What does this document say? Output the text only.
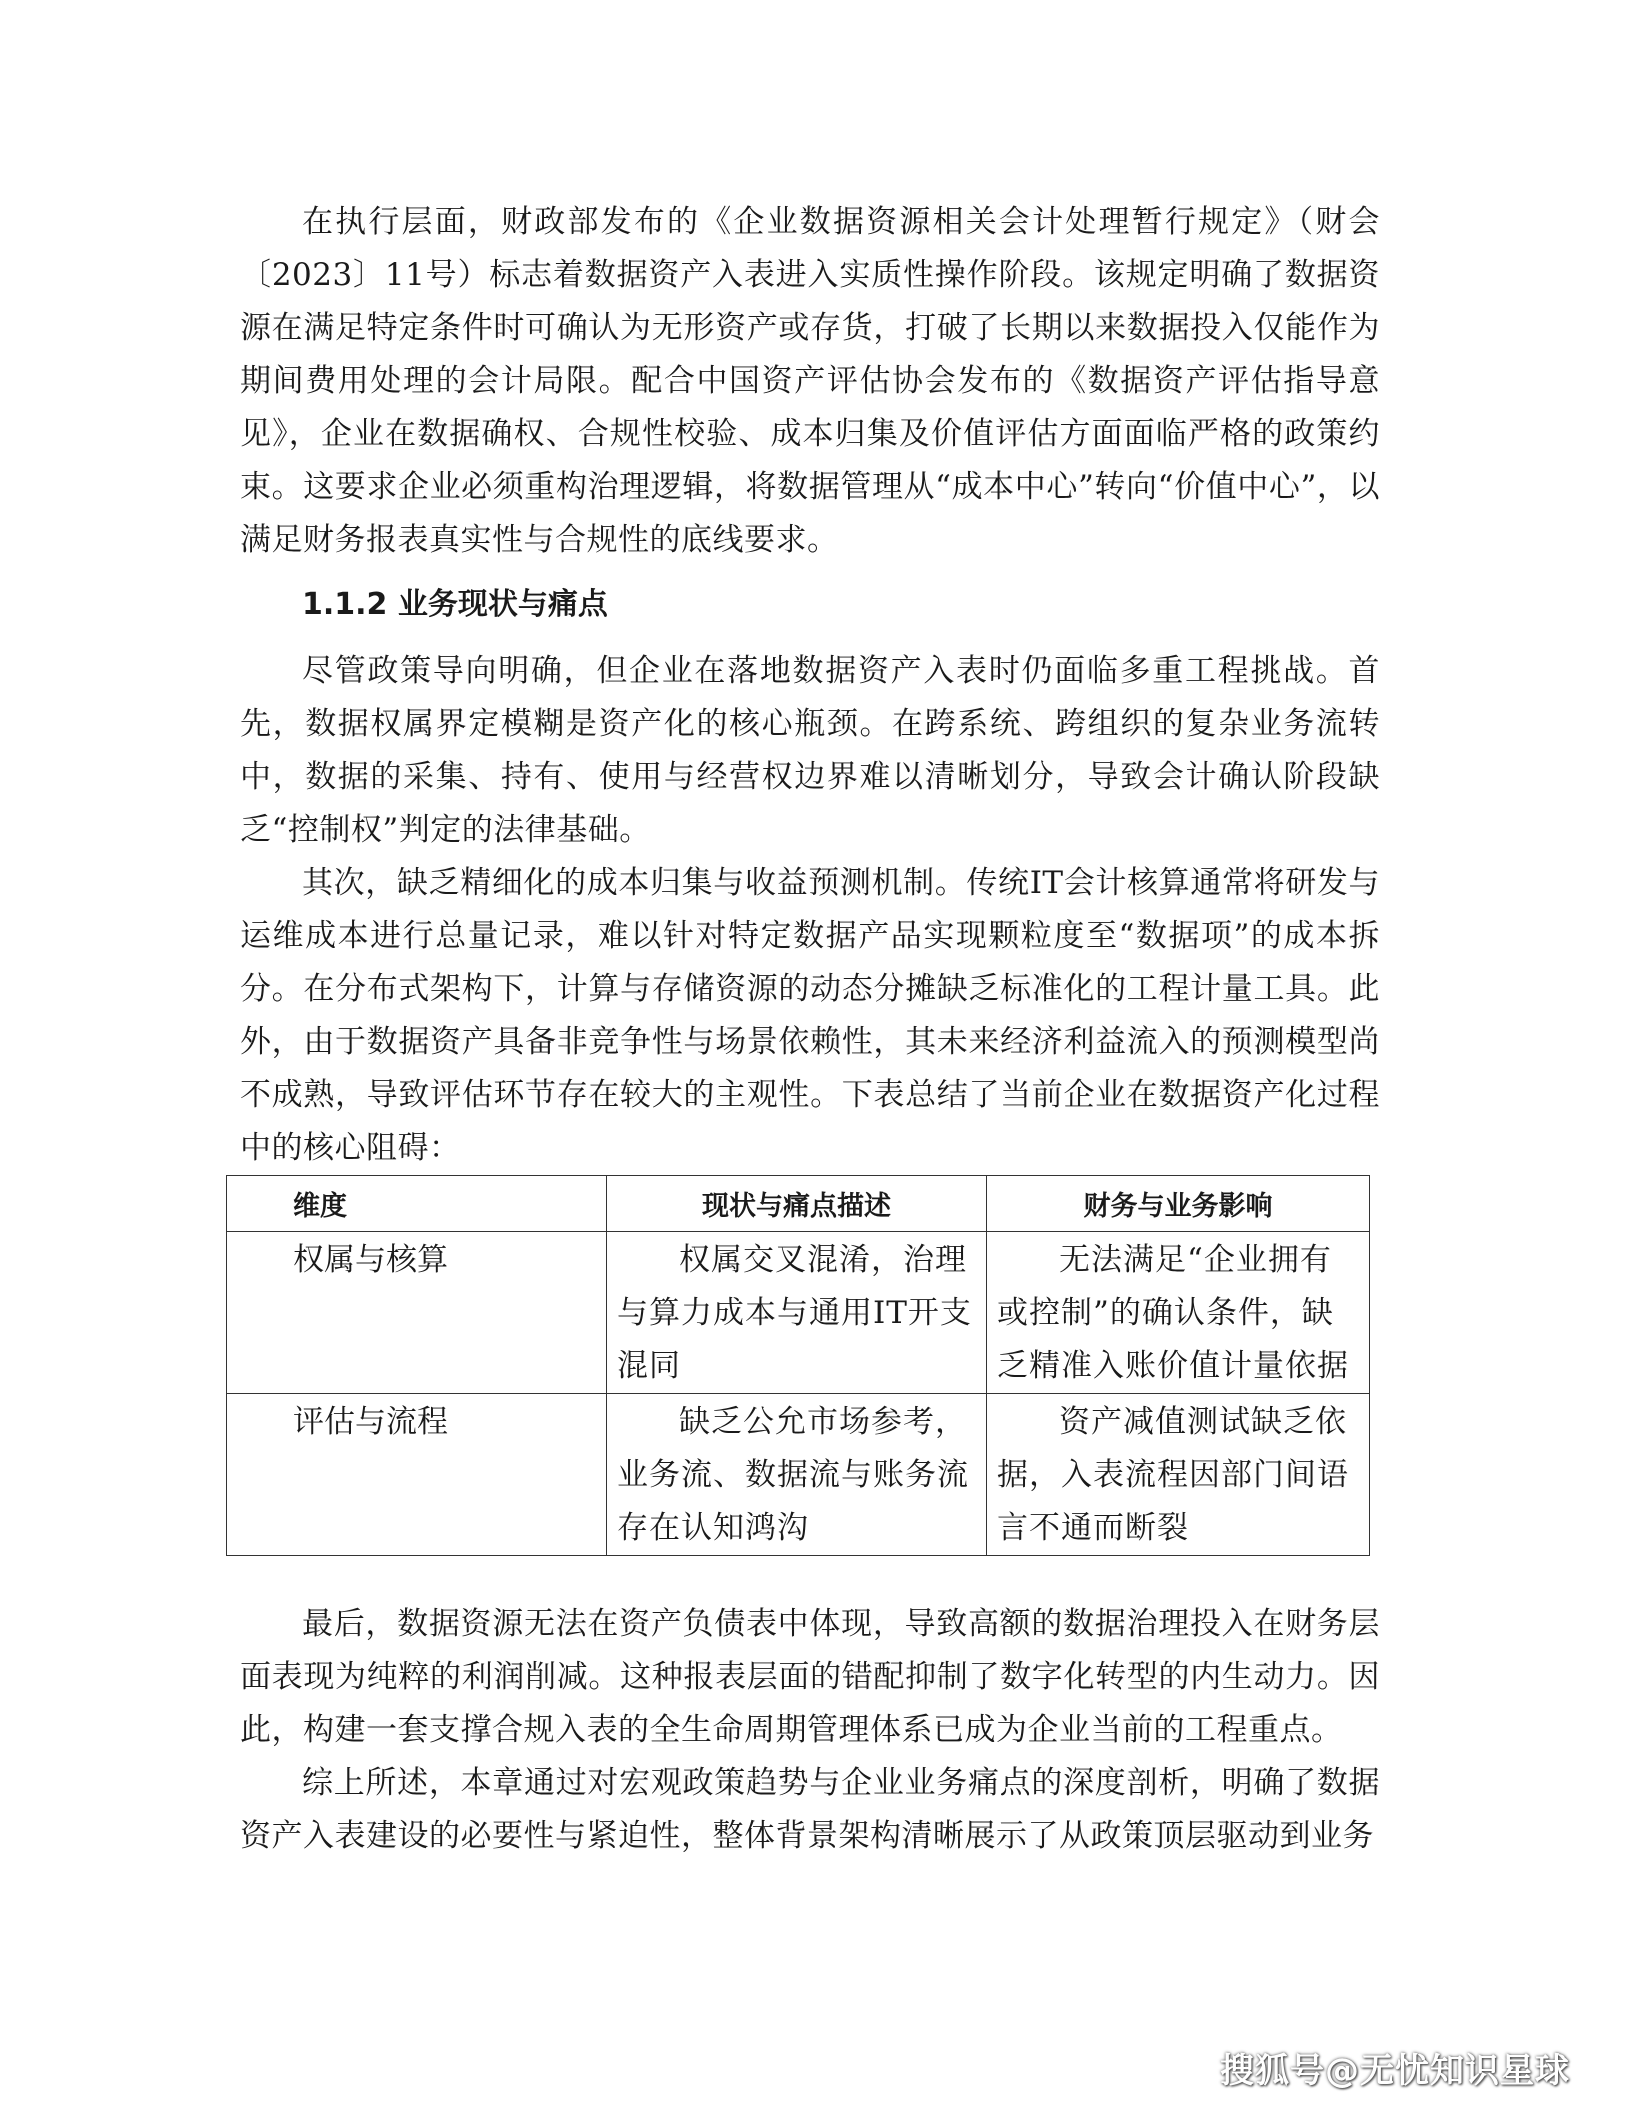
在执行层面，财政部发布的《企业数据资源相关会计处理暂行规定》（财会〔2023〕11号）标志着数据资产入表进入实质性操作阶段。该规定明确了数据资源在满足特定条件时可确认为无形资产或存货，打破了长期以来数据投入仅能作为期间费用处理的会计局限。配合中国资产评估协会发布的《数据资产评估指导意见》，企业在数据确权、合规性校验、成本归集及价值评估方面面临严格的政策约束。这要求企业必须重构治理逻辑，将数据管理从“成本中心”转向“价值中心”，以满足财务报表真实性与合规性的底线要求。

1.1.2 业务现状与痛点

尽管政策导向明确，但企业在落地数据资产入表时仍面临多重工程挑战。首先，数据权属界定模糊是资产化的核心瓶颈。在跨系统、跨组织的复杂业务流转中，数据的采集、持有、使用与经营权边界难以清晰划分，导致会计确认阶段缺乏“控制权”判定的法律基础。

其次，缺乏精细化的成本归集与收益预测机制。传统IT会计核算通常将研发与运维成本进行总量记录，难以针对特定数据产品实现颗粒度至“数据项”的成本拆分。在分布式架构下，计算与存储资源的动态分摊缺乏标准化的工程计量工具。此外，由于数据资产具备非竞争性与场景依赖性，其未来经济利益流入的预测模型尚不成熟，导致评估环节存在较大的主观性。下表总结了当前企业在数据资产化过程中的核心阻碍：

维度	现状与痛点描述	财务与业务影响
权属与核算	权属交叉混淆，治理与算力成本与通用IT开支混同	无法满足“企业拥有或控制”的确认条件，缺乏精准入账价值计量依据
评估与流程	缺乏公允市场参考，业务流、数据流与账务流存在认知鸿沟	资产减值测试缺乏依据，入表流程因部门间语言不通而断裂

最后，数据资源无法在资产负债表中体现，导致高额的数据治理投入在财务层面表现为纯粹的利润削减。这种报表层面的错配抑制了数字化转型的内生动力。因此，构建一套支撑合规入表的全生命周期管理体系已成为企业当前的工程重点。

综上所述，本章通过对宏观政策趋势与企业业务痛点的深度剖析，明确了数据资产入表建设的必要性与紧迫性，整体背景架构清晰展示了从政策顶层驱动到业务

搜狐号@无忧知识星球
